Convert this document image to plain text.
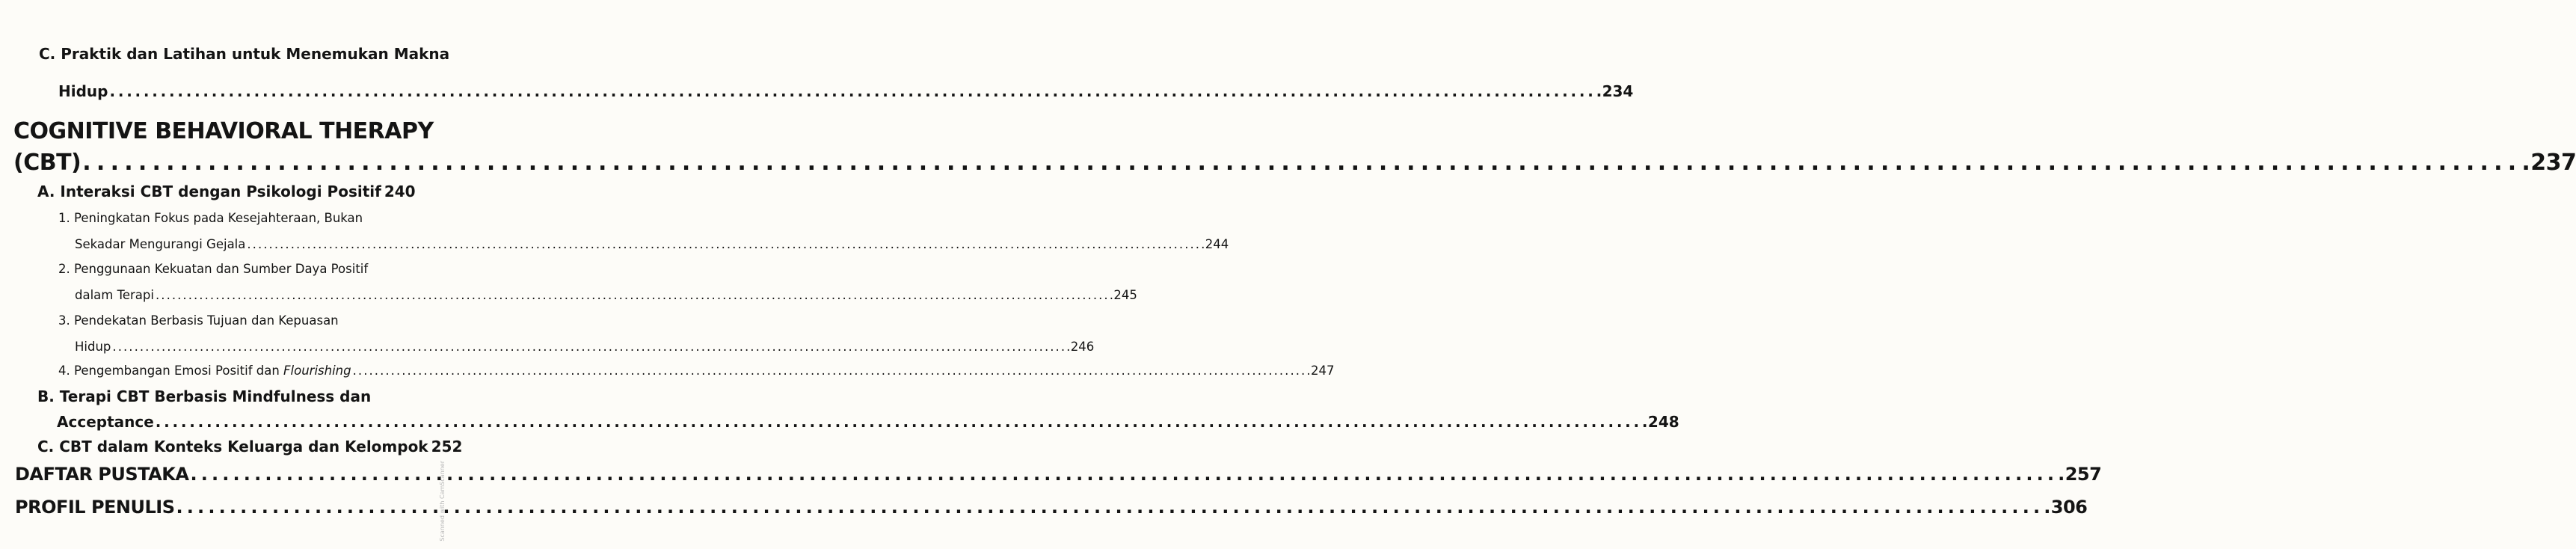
C. Praktik dan Latihan untuk Menemukan Makna
Hidup . . .	234
COGNITIVE BEHAVIORAL THERAPY
(CBT) . . .	237
A. Interaksi CBT dengan Psikologi Positif 240
1. Peningkatan Fokus pada Kesejahteraan, Bukan
Sekadar Mengurangi Gejala . . .	244
2. Penggunaan Kekuatan dan Sumber Daya Positif
dalam Terapi . . .	245
3. Pendekatan Berbasis Tujuan dan Kepuasan
Hidup . . .	246
4. Pengembangan Emosi Positif dan Flourishing . . .	247
B. Terapi CBT Berbasis Mindfulness dan
Acceptance . . .	248
C. CBT dalam Konteks Keluarga dan Kelompok 252
DAFTAR PUSTAKA . . .	257
PROFIL PENULIS . . .	306
Scanned with CamScanner
